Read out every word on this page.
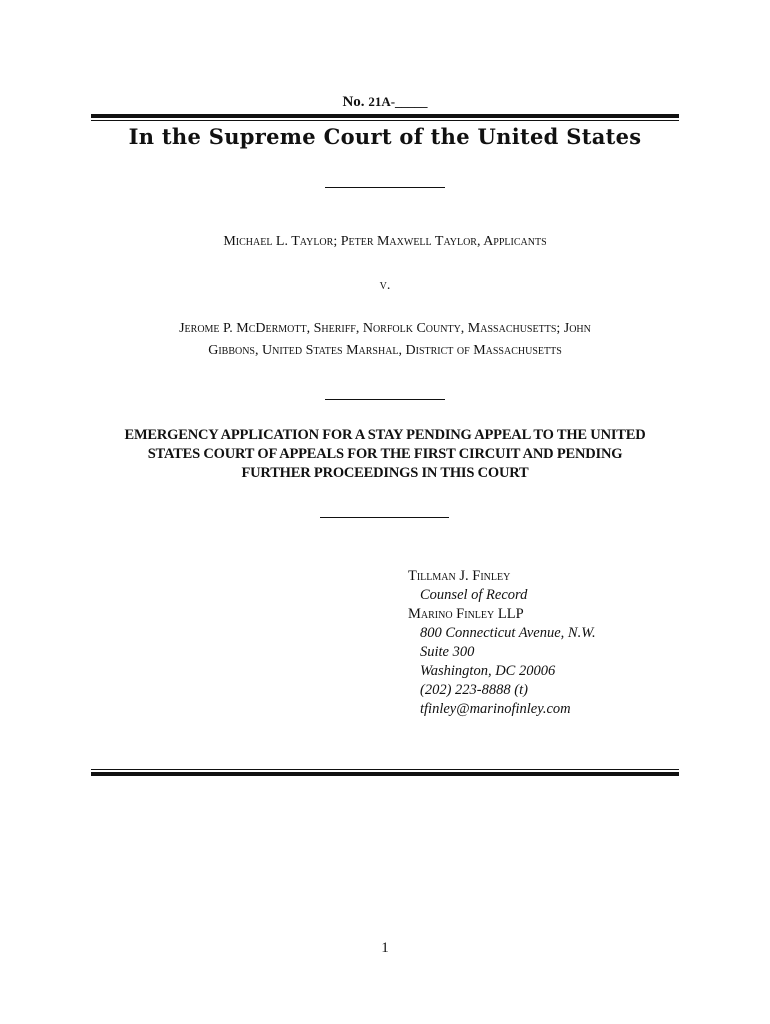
No. 21A-_____
In the Supreme Court of the United States
Michael L. Taylor; Peter Maxwell Taylor, Applicants
v.
Jerome P. McDermott, Sheriff, Norfolk County, Massachusetts; John
Gibbons, United States Marshal, District of Massachusetts
EMERGENCY APPLICATION FOR A STAY PENDING APPEAL TO THE UNITED
STATES COURT OF APPEALS FOR THE FIRST CIRCUIT AND PENDING
FURTHER PROCEEDINGS IN THIS COURT
Tillman J. Finley
Counsel of Record
Marino Finley LLP
800 Connecticut Avenue, N.W.
Suite 300
Washington, DC 20006
(202) 223-8888 (t)
tfinley@marinofinley.com
1
